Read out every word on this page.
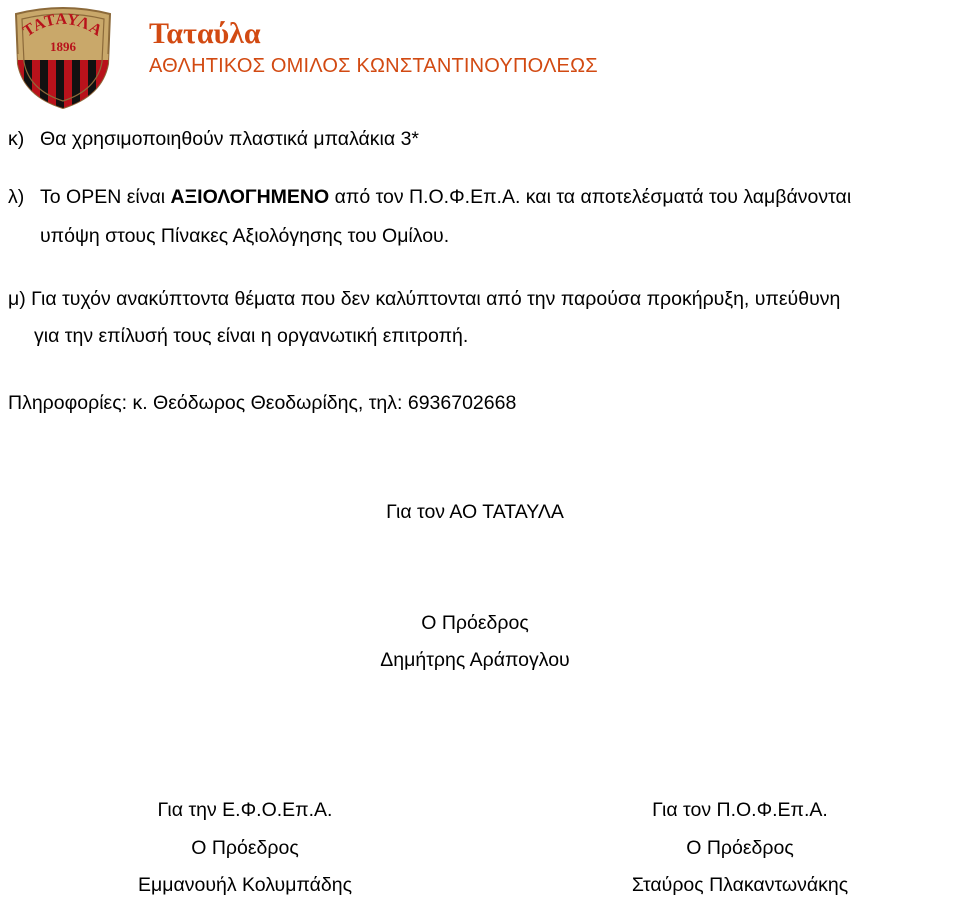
ΤΑΤΑΥΛΑ
1896 Ταταύλα
ΑΘΛΗΤΙΚΟΣ ΟΜΙΛΟΣ ΚΩΝΣΤΑΝΤΙΝΟΥΠΟΛΕΩΣ
κ) Θα χρησιμοποιηθούν πλαστικά μπαλάκια 3*
λ) Το OPEN είναι ΑΞΙΟΛΟΓΗΜΕΝΟ από τον Π.Ο.Φ.Επ.Α. και τα αποτελέσματά του λαμβάνονται
υπόψη στους Πίνακες Αξιολόγησης του Ομίλου.
μ) Για τυχόν ανακύπτοντα θέματα που δεν καλύπτονται από την παρούσα προκήρυξη, υπεύθυνη
για την επίλυσή τους είναι η οργανωτική επιτροπή.
Πληροφορίες: κ. Θεόδωρος Θεοδωρίδης, τηλ: 6936702668
Για τον ΑΟ ΤΑΤΑΥΛΑ
Ο Πρόεδρος
Δημήτρης Αράπογλου
Για την Ε.Φ.Ο.Επ.Α.
Ο Πρόεδρος
Εμμανουήλ Κολυμπάδης
Για τον Π.Ο.Φ.Επ.Α.
Ο Πρόεδρος
Σταύρος Πλακαντωνάκης
